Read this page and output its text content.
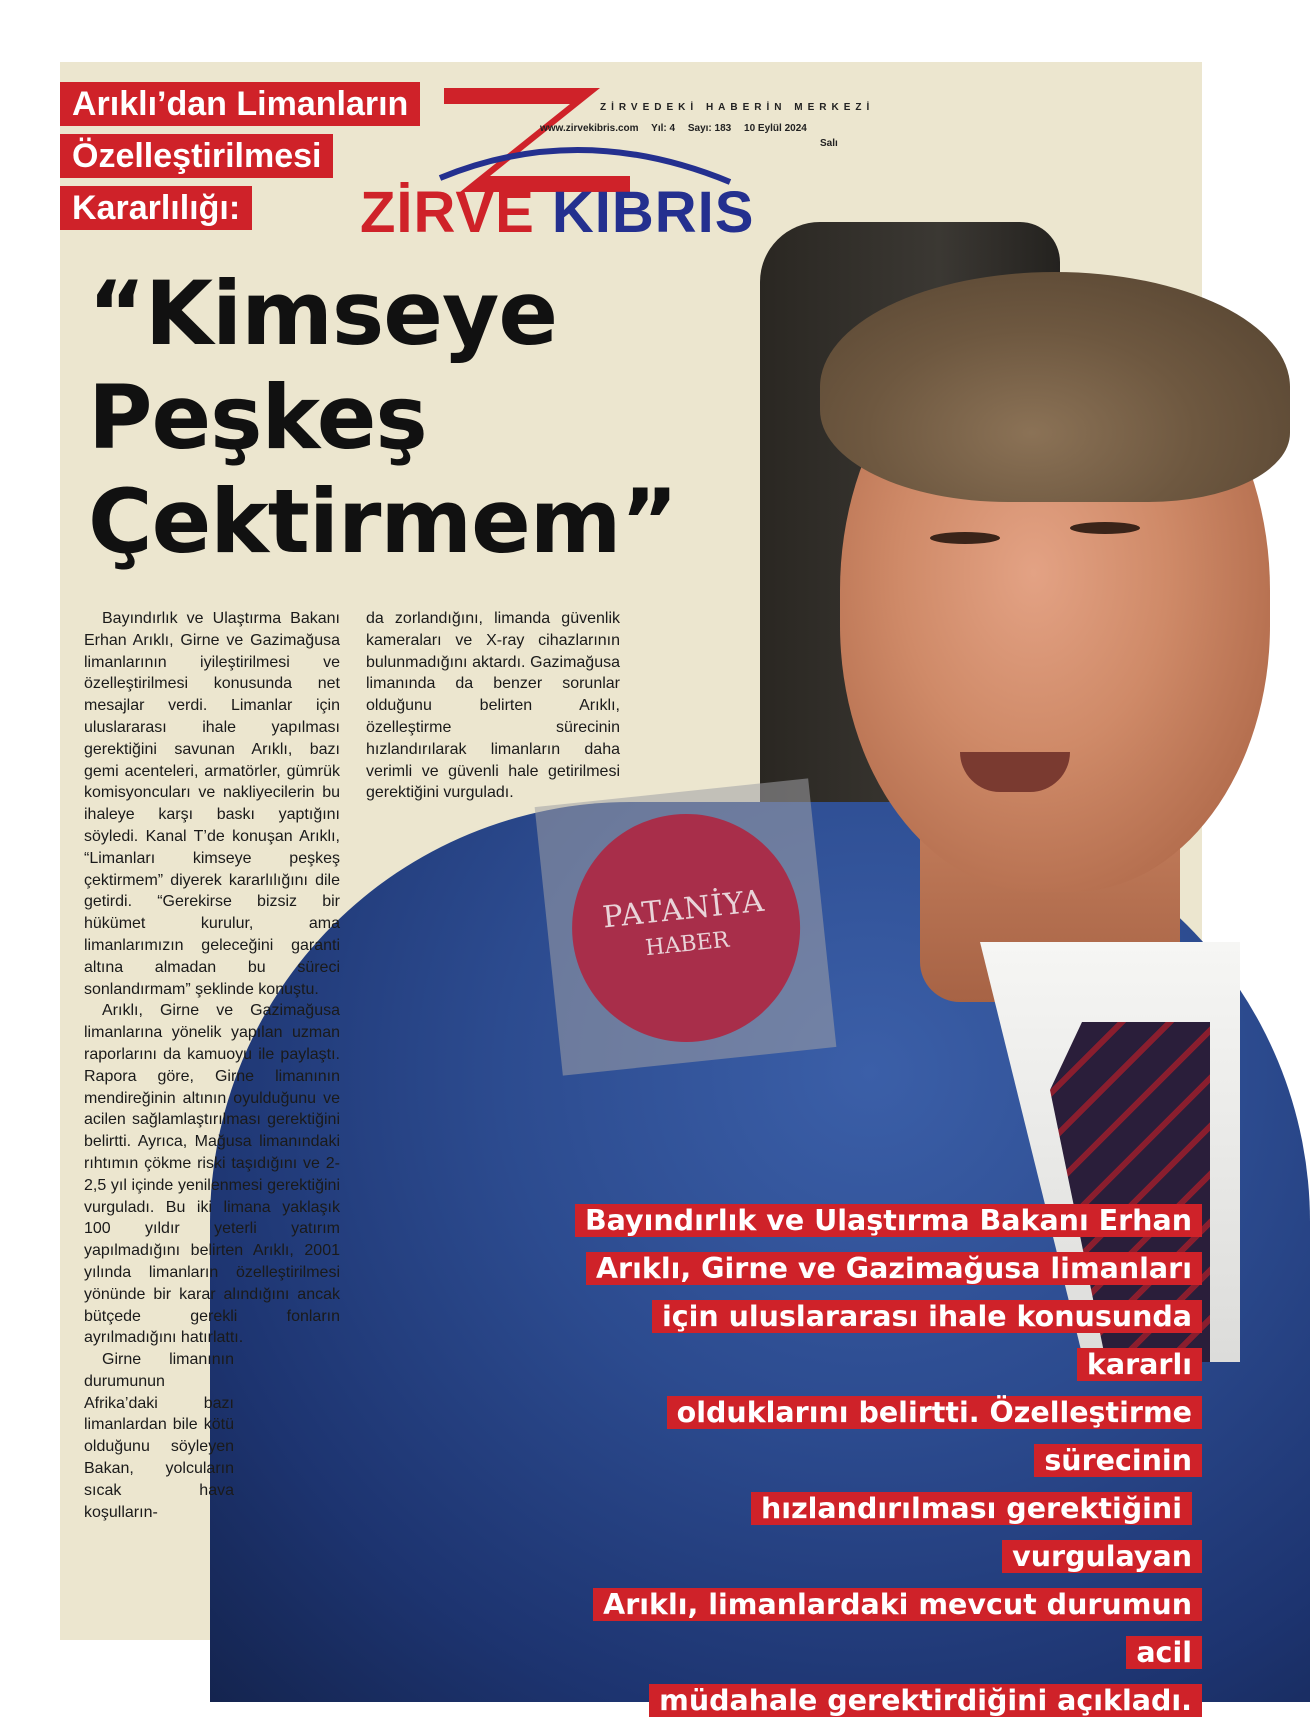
Arıklı’dan Limanların
Özelleştirilmesi
Kararlılığı:
ZİRVEDEKİ HABERİN MERKEZİ
www.zirvekibris.com Yıl: 4 Sayı: 183 10 Eylül 2024
Salı
ZİRVE KIBRIS
“Kimseye
Peşkeş
Çektirmem”

Bayındırlık ve Ulaştırma Bakanı Erhan Arıklı, Girne ve Gazimağusa limanlarının iyileştirilmesi ve özelleştirilmesi konusunda net mesajlar verdi. Limanlar için uluslararası ihale yapılması gerektiğini savunan Arıklı, bazı gemi acenteleri, armatörler, gümrük komisyoncuları ve nakliyecilerin bu ihaleye karşı baskı yaptığını söyledi. Kanal T’de konuşan Arıklı, “Limanları kimseye peşkeş çektirmem” diyerek kararlılığını dile getirdi. “Gerekirse bizsiz bir hükümet kurulur, ama limanlarımızın geleceğini garanti altına almadan bu süreci sonlandırmam” şeklinde konuştu.

Arıklı, Girne ve Gazimağusa limanlarına yönelik yapılan uzman raporlarını da kamuoyu ile paylaştı. Rapora göre, Girne limanının mendireğinin altının oyulduğunu ve acilen sağlamlaştırılması gerektiğini belirtti. Ayrıca, Mağusa limanındaki rıhtımın çökme riski taşıdığını ve 2-2,5 yıl içinde yenilenmesi gerektiğini vurguladı. Bu iki limana yaklaşık 100 yıldır yeterli yatırım yapılmadığını belirten Arıklı, 2001 yılında limanların özelleştirilmesi yönünde bir karar alındığını ancak bütçede gerekli fonların ayrılmadığını hatırlattı.

Girne limanının durumunun Afrika’daki bazı limanlardan bile kötü olduğunu söyleyen Bakan, yolcuların sıcak hava koşulların-

da zorlandığını, limanda güvenlik kameraları ve X-ray cihazlarının bulunmadığını aktardı. Gazimağusa limanında da benzer sorunlar olduğunu belirten Arıklı, özelleştirme sürecinin hızlandırılarak limanların daha verimli ve güvenli hale getirilmesi gerektiğini vurguladı.

PATANİYA
HABER
Bayındırlık ve Ulaştırma Bakanı Erhan
Arıklı, Girne ve Gazimağusa limanları
için uluslararası ihale konusunda kararlı
olduklarını belirtti. Özelleştirme sürecinin
hızlandırılması gerektiğini vurgulayan
Arıklı, limanlardaki mevcut durumun acil
müdahale gerektirdiğini açıkladı.
